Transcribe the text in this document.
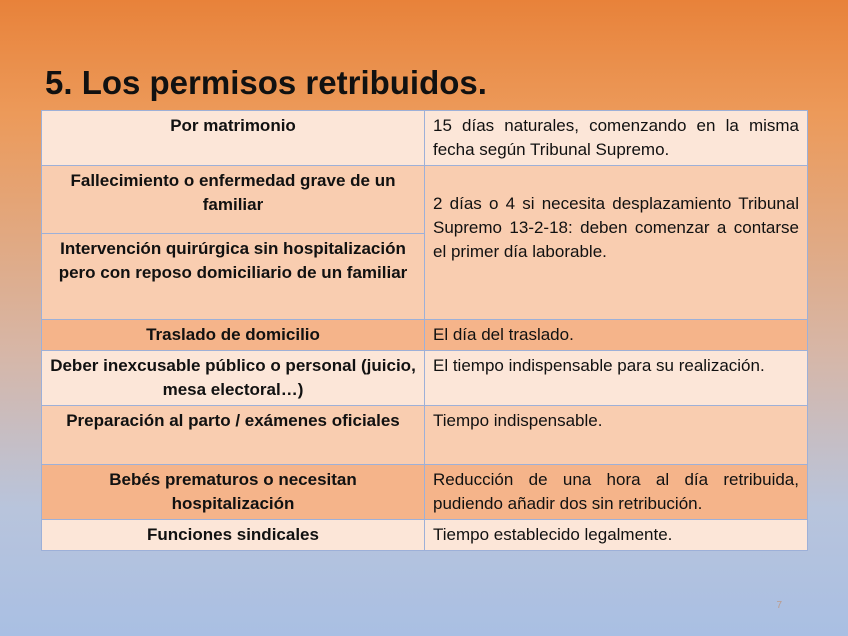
5. Los permisos retribuidos.
Por matrimonio	15 días naturales, comenzando en la misma fecha según Tribunal Supremo.
Fallecimiento o enfermedad grave de un familiar	2 días o 4 si necesita desplazamiento Tribunal Supremo 13-2-18: deben comenzar a contarse el primer día laborable.
Intervención quirúrgica sin hospitalización pero con reposo domiciliario de un familiar	
Traslado de domicilio	El día del traslado.
Deber inexcusable público o personal (juicio, mesa electoral…)	El tiempo indispensable para su realización.
Preparación al parto / exámenes oficiales	Tiempo indispensable.
Bebés prematuros o necesitan hospitalización	Reducción de una hora al día retribuida, pudiendo añadir dos sin retribución.
Funciones sindicales	Tiempo establecido legalmente.
7
